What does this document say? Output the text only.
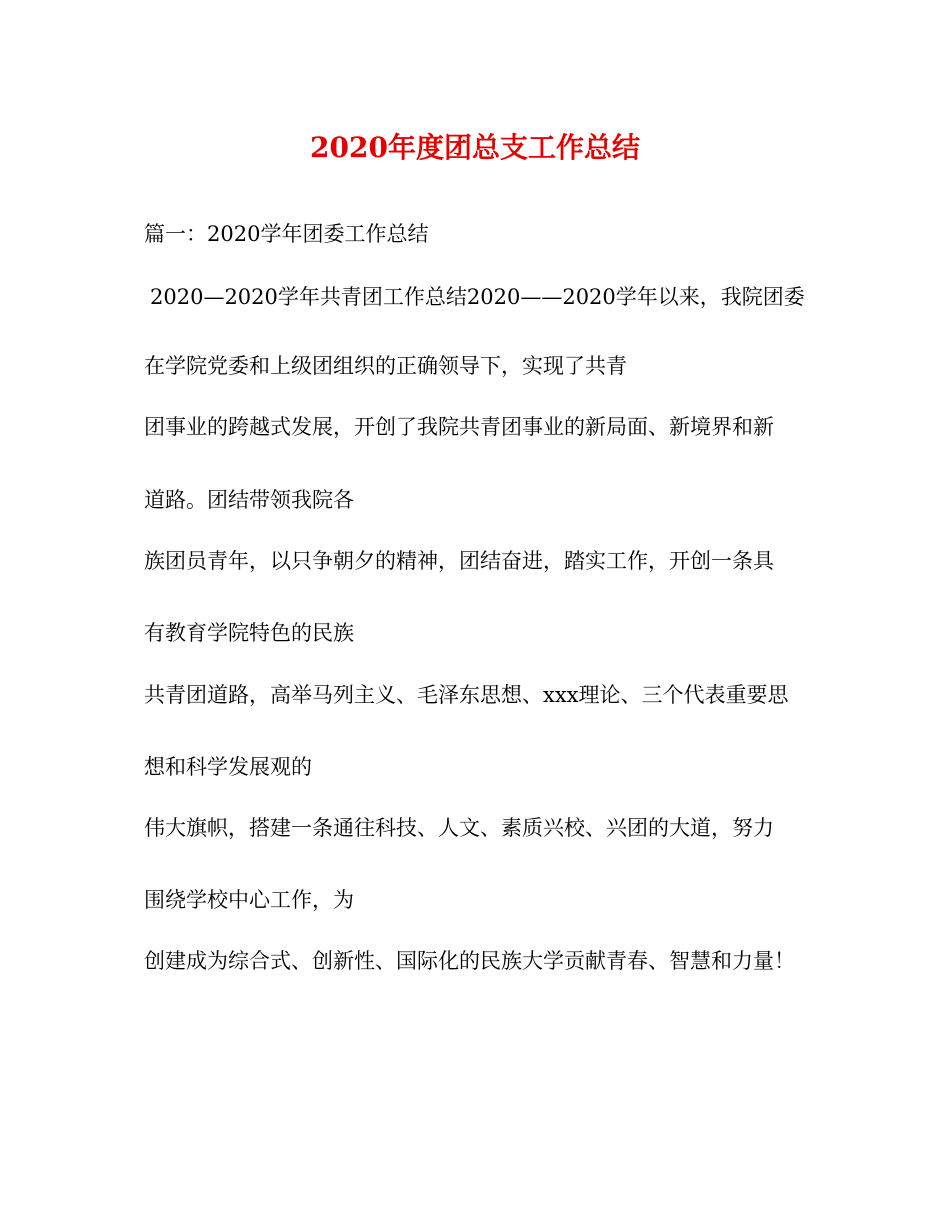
2020年度团总支工作总结
篇一：2020学年团委工作总结
2020—2020学年共青团工作总结2020——2020学年以来，我院团委
在学院党委和上级团组织的正确领导下，实现了共青
团事业的跨越式发展，开创了我院共青团事业的新局面、新境界和新
道路。团结带领我院各
族团员青年，以只争朝夕的精神，团结奋进，踏实工作，开创一条具
有教育学院特色的民族
共青团道路，高举马列主义、毛泽东思想、xxx理论、三个代表重要思
想和科学发展观的
伟大旗帜，搭建一条通往科技、人文、素质兴校、兴团的大道，努力
围绕学校中心工作，为
创建成为综合式、创新性、国际化的民族大学贡献青春、智慧和力量！
